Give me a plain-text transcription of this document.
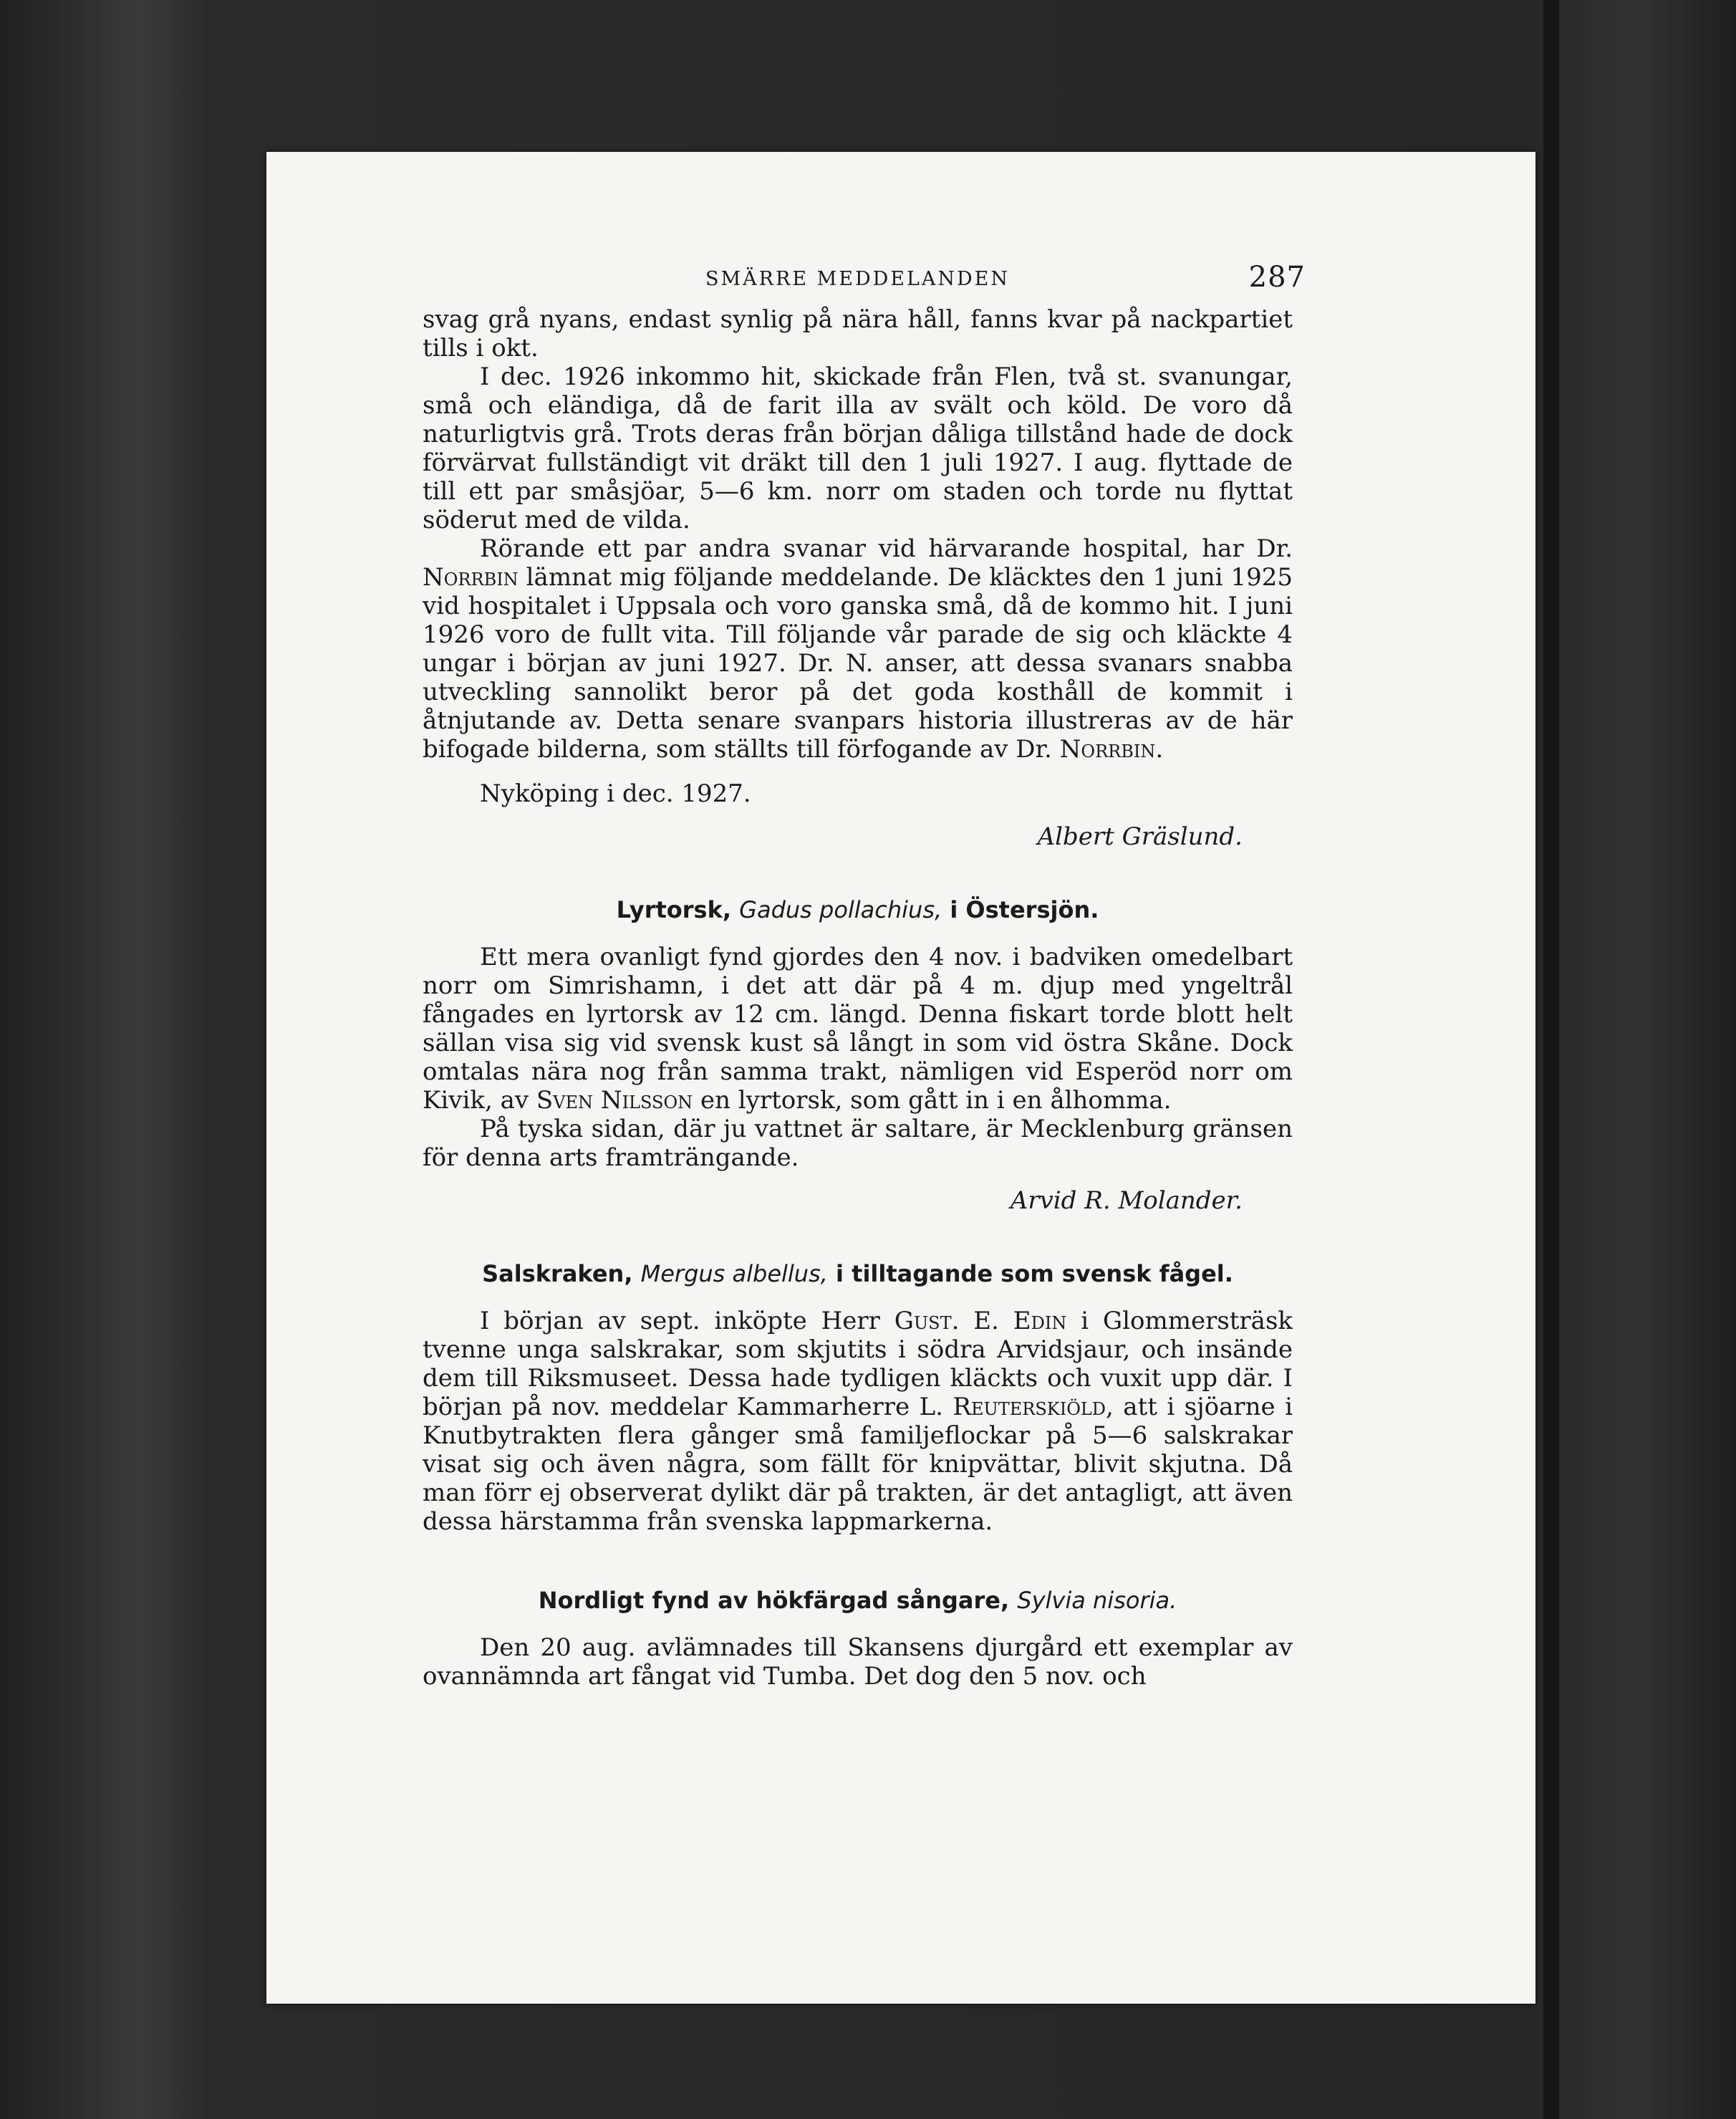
SMÄRRE MEDDELANDEN	287

svag grå nyans, endast synlig på nära håll, fanns kvar på nackpartiet tills i okt.

I dec. 1926 inkommo hit, skickade från Flen, två st. svanungar, små och eländiga, då de farit illa av svält och köld. De voro då naturligtvis grå. Trots deras från början dåliga tillstånd hade de dock förvärvat fullständigt vit dräkt till den 1 juli 1927. I aug. flyttade de till ett par småsjöar, 5—6 km. norr om staden och torde nu flyttat söderut med de vilda.

Rörande ett par andra svanar vid härvarande hospital, har Dr. Norrbin lämnat mig följande meddelande. De kläcktes den 1 juni 1925 vid hospitalet i Uppsala och voro ganska små, då de kommo hit. I juni 1926 voro de fullt vita. Till följande vår parade de sig och kläckte 4 ungar i början av juni 1927. Dr. N. anser, att dessa svanars snabba utveckling sannolikt beror på det goda kosthåll de kommit i åtnjutande av. Detta senare svanpars historia illustreras av de här bifogade bilderna, som ställts till förfogande av Dr. Norrbin.

Nyköping i dec. 1927.
Albert Gräslund.
Lyrtorsk, Gadus pollachius, i Östersjön.

Ett mera ovanligt fynd gjordes den 4 nov. i badviken omedelbart norr om Simrishamn, i det att där på 4 m. djup med yngeltrål fångades en lyrtorsk av 12 cm. längd. Denna fiskart torde blott helt sällan visa sig vid svensk kust så långt in som vid östra Skåne. Dock omtalas nära nog från samma trakt, nämligen vid Esperöd norr om Kivik, av Sven Nilsson en lyrtorsk, som gått in i en ålhomma.

På tyska sidan, där ju vattnet är saltare, är Mecklenburg gränsen för denna arts framträngande.

Arvid R. Molander.
Salskraken, Mergus albellus, i tilltagande som svensk fågel.

I början av sept. inköpte Herr Gust. E. Edin i Glommersträsk tvenne unga salskrakar, som skjutits i södra Arvidsjaur, och insände dem till Riksmuseet. Dessa hade tydligen kläckts och vuxit upp där. I början på nov. meddelar Kammarherre L. Reuterskiöld, att i sjöarne i Knutbytrakten flera gånger små familjeflockar på 5—6 salskrakar visat sig och även några, som fällt för knipvättar, blivit skjutna. Då man förr ej observerat dylikt där på trakten, är det antagligt, att även dessa härstamma från svenska lappmarkerna.

Nordligt fynd av hökfärgad sångare, Sylvia nisoria.

Den 20 aug. avlämnades till Skansens djurgård ett exemplar av ovannämnda art fångat vid Tumba. Det dog den 5 nov. och
